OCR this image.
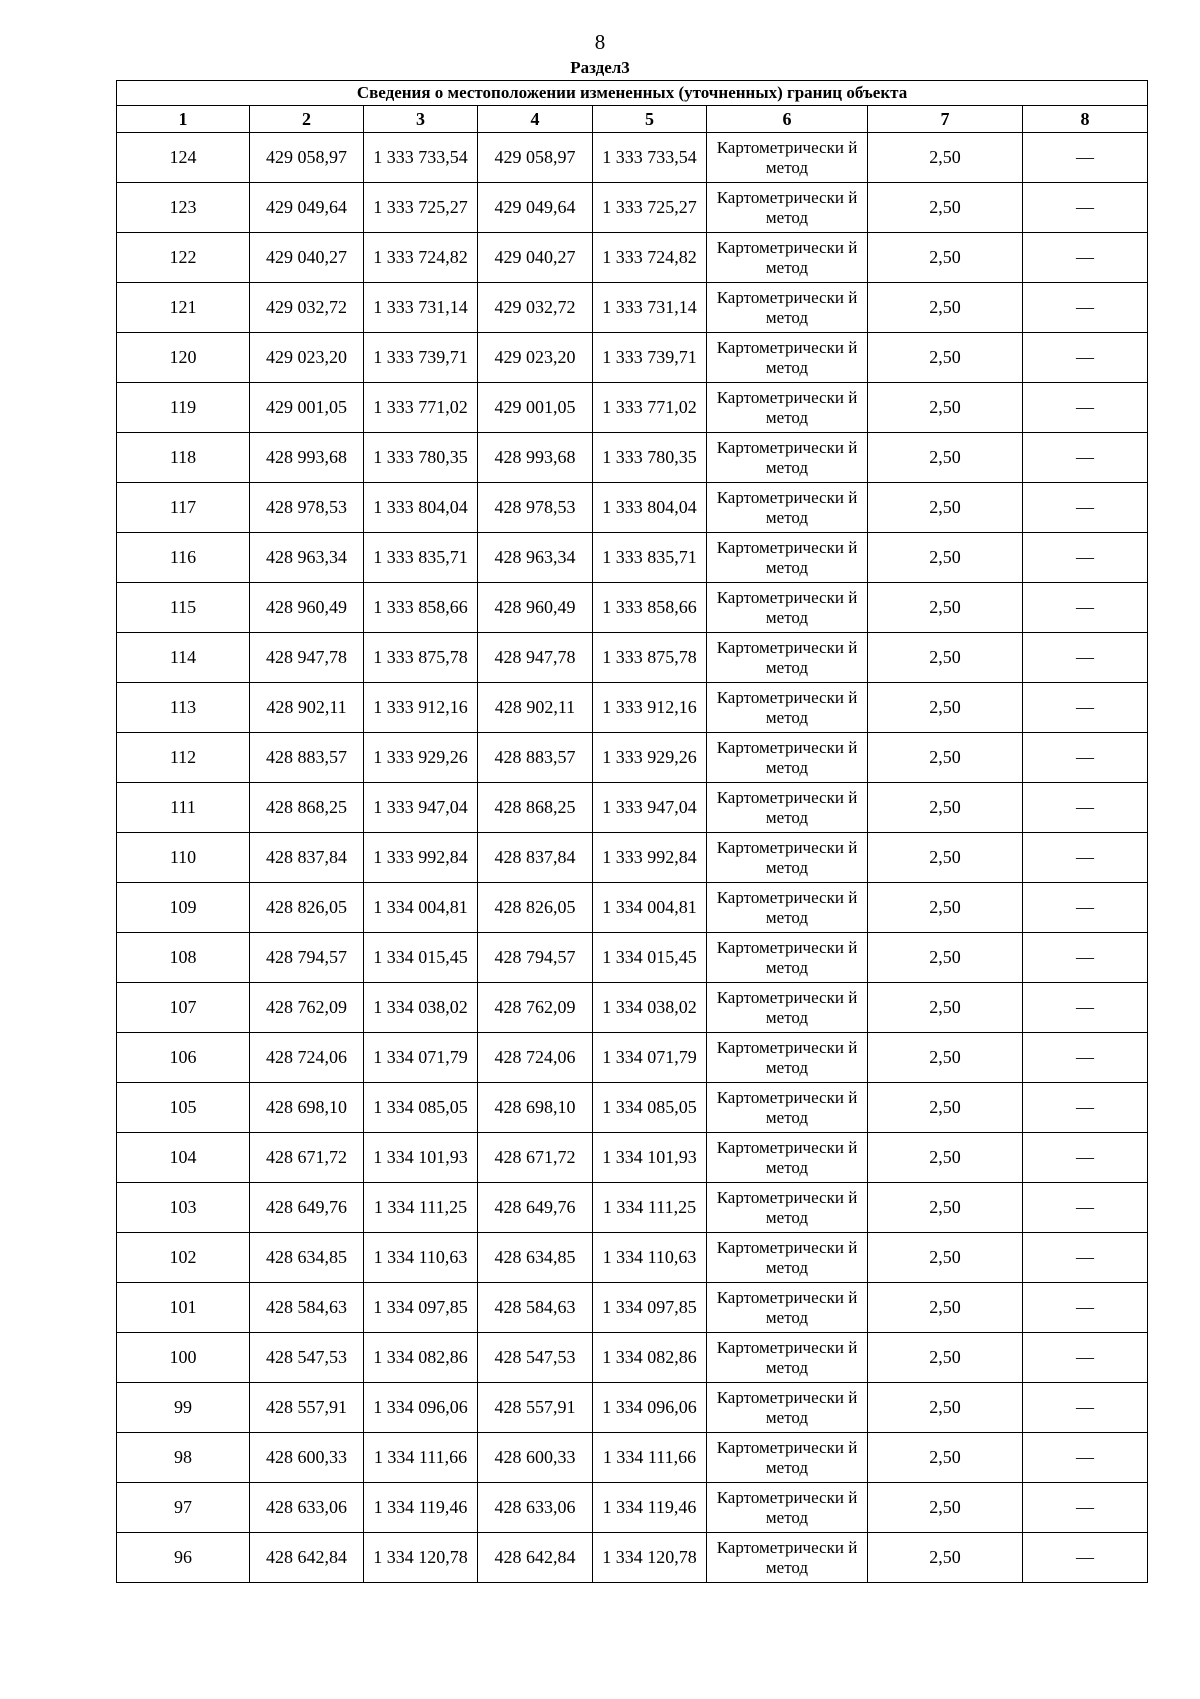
8
Раздел3
Сведения о местоположении измененных (уточненных) границ объекта							
1	2	3	4	5	6	7	8
124	429 058,97	1 333 733,54	429 058,97	1 333 733,54	Картометрически й метод	2,50	—
123	429 049,64	1 333 725,27	429 049,64	1 333 725,27	Картометрически й метод	2,50	—
122	429 040,27	1 333 724,82	429 040,27	1 333 724,82	Картометрически й метод	2,50	—
121	429 032,72	1 333 731,14	429 032,72	1 333 731,14	Картометрически й метод	2,50	—
120	429 023,20	1 333 739,71	429 023,20	1 333 739,71	Картометрически й метод	2,50	—
119	429 001,05	1 333 771,02	429 001,05	1 333 771,02	Картометрически й метод	2,50	—
118	428 993,68	1 333 780,35	428 993,68	1 333 780,35	Картометрически й метод	2,50	—
117	428 978,53	1 333 804,04	428 978,53	1 333 804,04	Картометрически й метод	2,50	—
116	428 963,34	1 333 835,71	428 963,34	1 333 835,71	Картометрически й метод	2,50	—
115	428 960,49	1 333 858,66	428 960,49	1 333 858,66	Картометрически й метод	2,50	—
114	428 947,78	1 333 875,78	428 947,78	1 333 875,78	Картометрически й метод	2,50	—
113	428 902,11	1 333 912,16	428 902,11	1 333 912,16	Картометрически й метод	2,50	—
112	428 883,57	1 333 929,26	428 883,57	1 333 929,26	Картометрически й метод	2,50	—
111	428 868,25	1 333 947,04	428 868,25	1 333 947,04	Картометрически й метод	2,50	—
110	428 837,84	1 333 992,84	428 837,84	1 333 992,84	Картометрически й метод	2,50	—
109	428 826,05	1 334 004,81	428 826,05	1 334 004,81	Картометрически й метод	2,50	—
108	428 794,57	1 334 015,45	428 794,57	1 334 015,45	Картометрически й метод	2,50	—
107	428 762,09	1 334 038,02	428 762,09	1 334 038,02	Картометрически й метод	2,50	—
106	428 724,06	1 334 071,79	428 724,06	1 334 071,79	Картометрически й метод	2,50	—
105	428 698,10	1 334 085,05	428 698,10	1 334 085,05	Картометрически й метод	2,50	—
104	428 671,72	1 334 101,93	428 671,72	1 334 101,93	Картометрически й метод	2,50	—
103	428 649,76	1 334 111,25	428 649,76	1 334 111,25	Картометрически й метод	2,50	—
102	428 634,85	1 334 110,63	428 634,85	1 334 110,63	Картометрически й метод	2,50	—
101	428 584,63	1 334 097,85	428 584,63	1 334 097,85	Картометрически й метод	2,50	—
100	428 547,53	1 334 082,86	428 547,53	1 334 082,86	Картометрически й метод	2,50	—
99	428 557,91	1 334 096,06	428 557,91	1 334 096,06	Картометрически й метод	2,50	—
98	428 600,33	1 334 111,66	428 600,33	1 334 111,66	Картометрически й метод	2,50	—
97	428 633,06	1 334 119,46	428 633,06	1 334 119,46	Картометрически й метод	2,50	—
96	428 642,84	1 334 120,78	428 642,84	1 334 120,78	Картометрически й метод	2,50	—
